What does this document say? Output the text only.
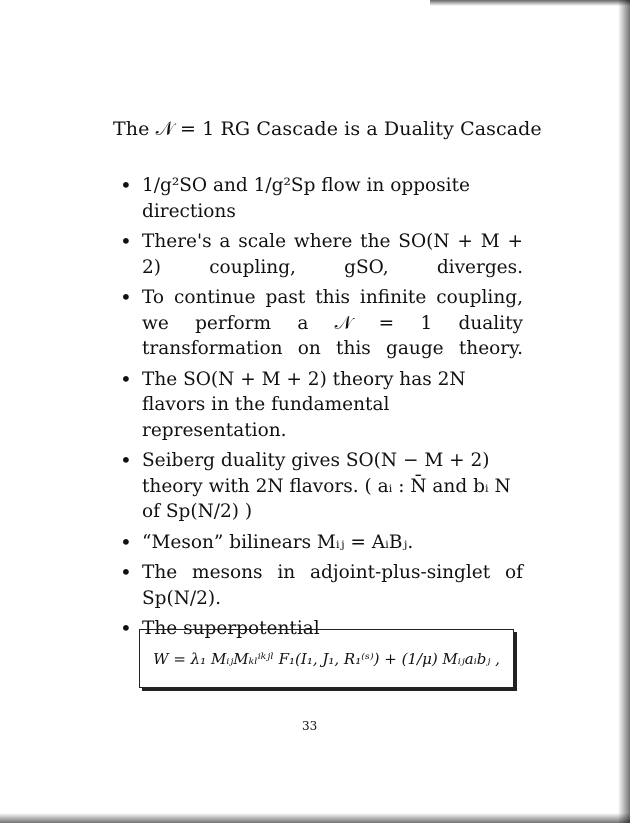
The 𝒩 = 1 RG Cascade is a Duality Cascade
• 1/g²SO and 1/g²Sp flow in opposite directions
• There's a scale where the SO(N + M + 2) coupling, gSO, diverges.
• To continue past this infinite coupling, we perform a 𝒩 = 1 duality transformation on this gauge theory.
• The SO(N + M + 2) theory has 2N flavors in the fundamental representation.
• Seiberg duality gives SO(N − M + 2) theory with 2N flavors. ( aᵢ : N̄ and bᵢ N of Sp(N/2) )
• “Meson” bilinears Mᵢⱼ = AᵢBⱼ.
• The mesons in adjoint-plus-singlet of Sp(N/2).
• The superpotential
W = λ₁ MᵢⱼMₖₗⁱᵏʲˡ F₁(I₁, J₁, R₁⁽ˢ⁾) + (1/μ) Mᵢⱼaᵢbⱼ ,
33
